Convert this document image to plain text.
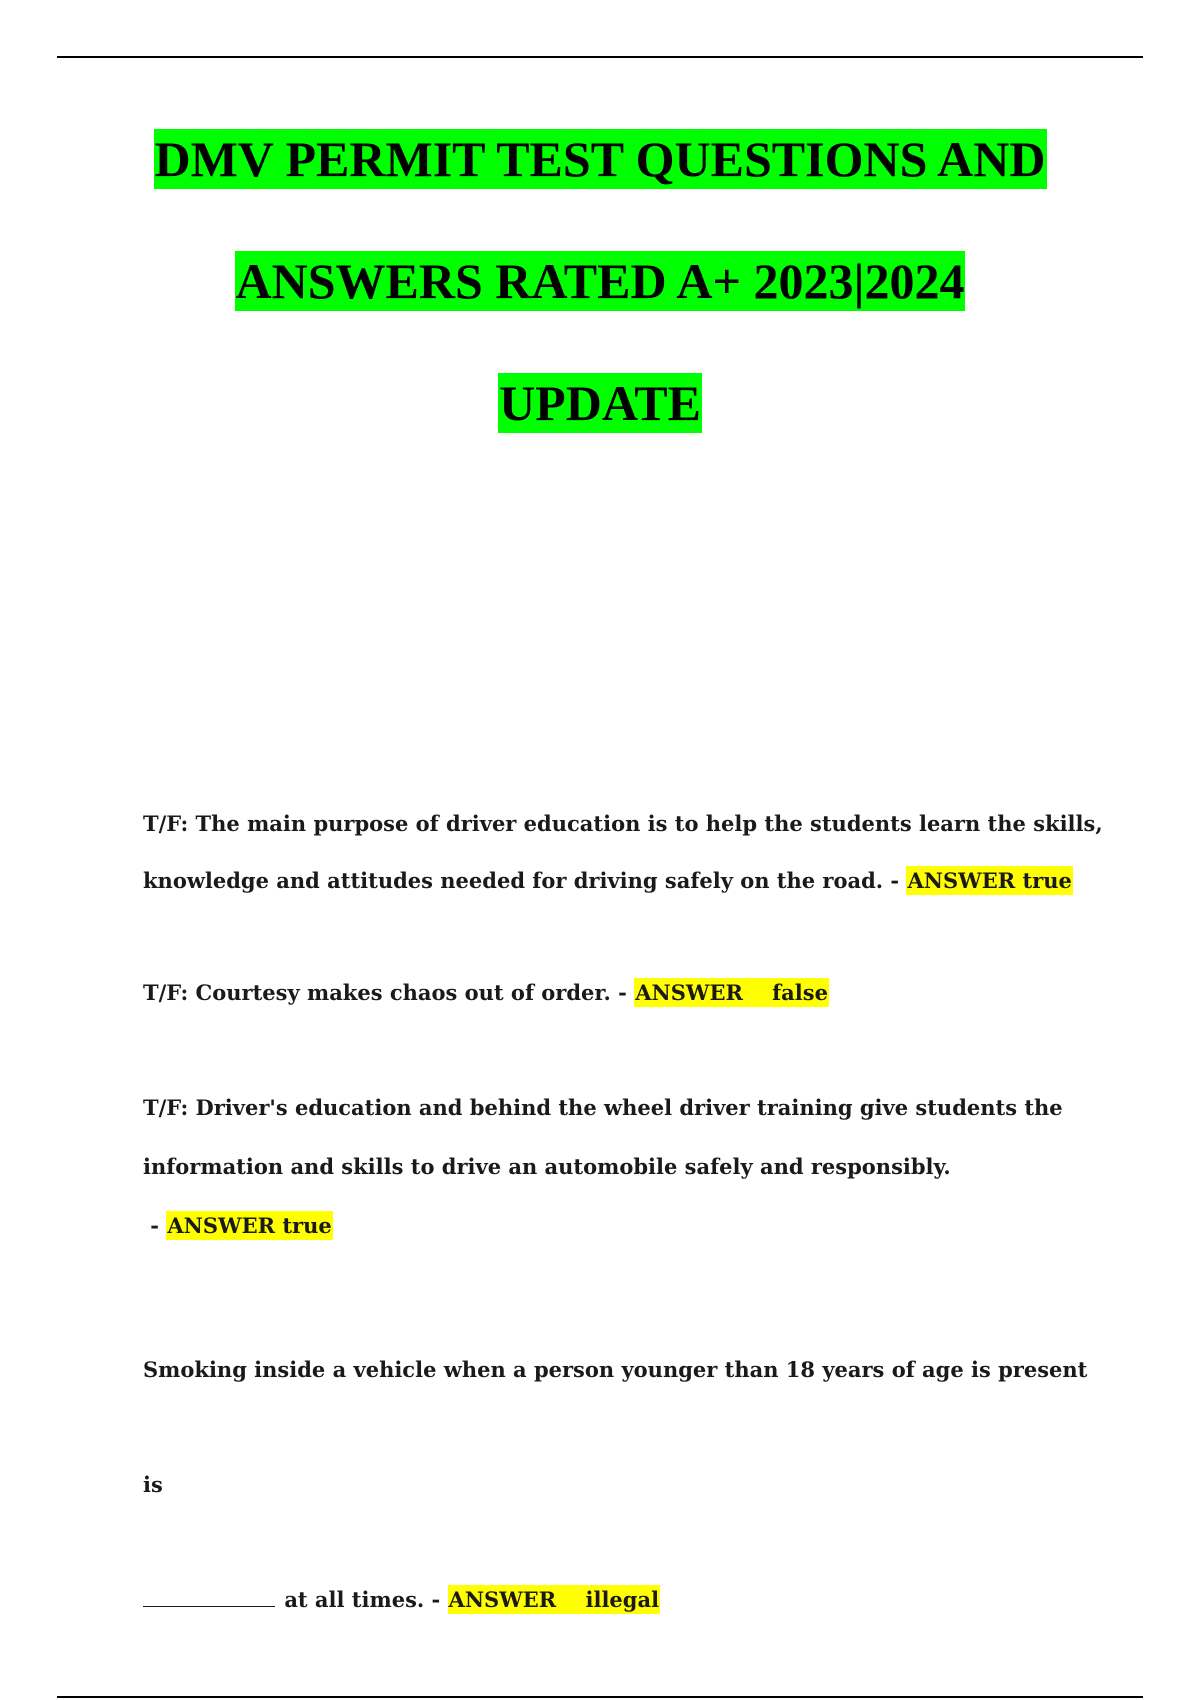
DMV PERMIT TEST QUESTIONS AND
ANSWERS RATED A+ 2023|2024
UPDATE
T/F: The main purpose of driver education is to help the students learn the skills, knowledge and attitudes needed for driving safely on the road. - ANSWER true
T/F: Courtesy makes chaos out of order. - ANSWER    false
T/F: Driver's education and behind the wheel driver training give students the information and skills to drive an automobile safely and responsibly. - ANSWER true
Smoking inside a vehicle when a person younger than 18 years of age is present is
at all times. - ANSWER    illegal
